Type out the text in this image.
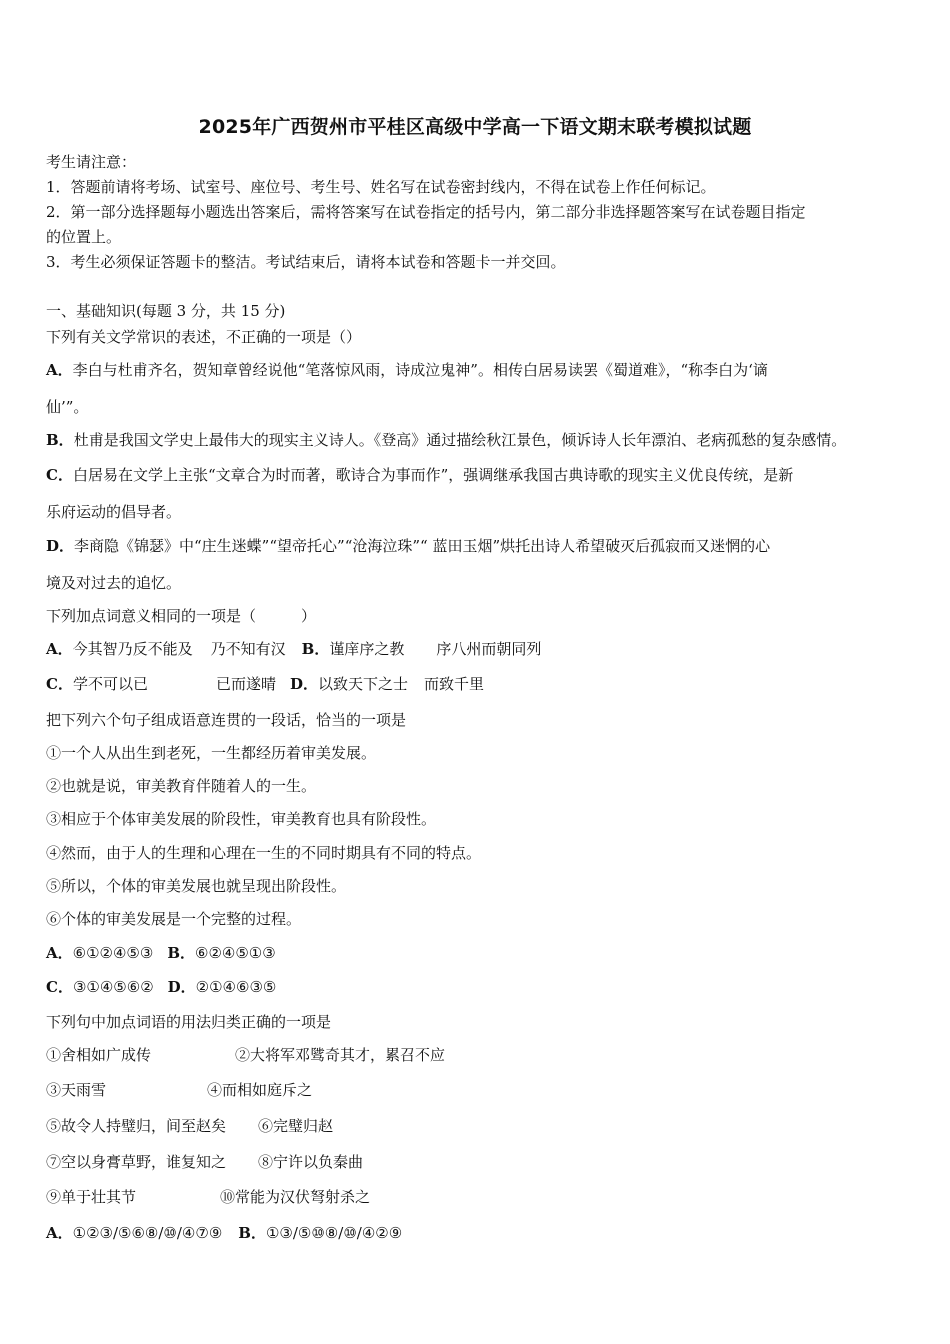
2025年广西贺州市平桂区高级中学高一下语文期末联考模拟试题
考生请注意：
1．答题前请将考场、试室号、座位号、考生号、姓名写在试卷密封线内，不得在试卷上作任何标记。
2．第一部分选择题每小题选出答案后，需将答案写在试卷指定的括号内，第二部分非选择题答案写在试卷题目指定
的位置上。
3．考生必须保证答题卡的整洁。考试结束后，请将本试卷和答题卡一并交回。
一、基础知识(每题 3 分，共 15 分)
下列有关文学常识的表述，不正确的一项是（）
A．李白与杜甫齐名，贺知章曾经说他“笔落惊风雨，诗成泣鬼神”。相传白居易读罢《蜀道难》，“称李白为‘谪
仙’”。
B．杜甫是我国文学史上最伟大的现实主义诗人。《登高》通过描绘秋江景色，倾诉诗人长年漂泊、老病孤愁的复杂感情。
C．白居易在文学上主张“文章合为时而著，歌诗合为事而作”，强调继承我国古典诗歌的现实主义优良传统，是新
乐府运动的倡导者。
D．李商隐《锦瑟》中“庄生迷蝶”“望帝托心”“沧海泣珠”“ 蓝田玉烟”烘托出诗人希望破灭后孤寂而又迷惘的心
境及对过去的追忆。
下列加点词意义相同的一项是（　　　）
A．今其智乃反不能及 乃不知有汉 B．谨庠序之教 序八州而朝同列
C．学不可以已	已而遂晴 D．以致天下之士 而致千里
把下列六个句子组成语意连贯的一段话，恰当的一项是
①一个人从出生到老死，一生都经历着审美发展。
②也就是说，审美教育伴随着人的一生。
③相应于个体审美发展的阶段性，审美教育也具有阶段性。
④然而，由于人的生理和心理在一生的不同时期具有不同的特点。
⑤所以，个体的审美发展也就呈现出阶段性。
⑥个体的审美发展是一个完整的过程。
A．⑥①②④⑤③ B．⑥②④⑤①③
C．③①④⑤⑥② D．②①④⑥③⑤
下列句中加点词语的用法归类正确的一项是
①舍相如广成传	②大将军邓骘奇其才，累召不应
③天雨雪	④而相如庭斥之
⑤故令人持璧归，间至赵矣 ⑥完璧归赵
⑦空以身膏草野，谁复知之 ⑧宁许以负秦曲
⑨单于壮其节	⑩常能为汉伏弩射杀之
A．①②③/⑤⑥⑧/⑩/④⑦⑨ B．①③/⑤⑩⑧/⑩/④②⑨
